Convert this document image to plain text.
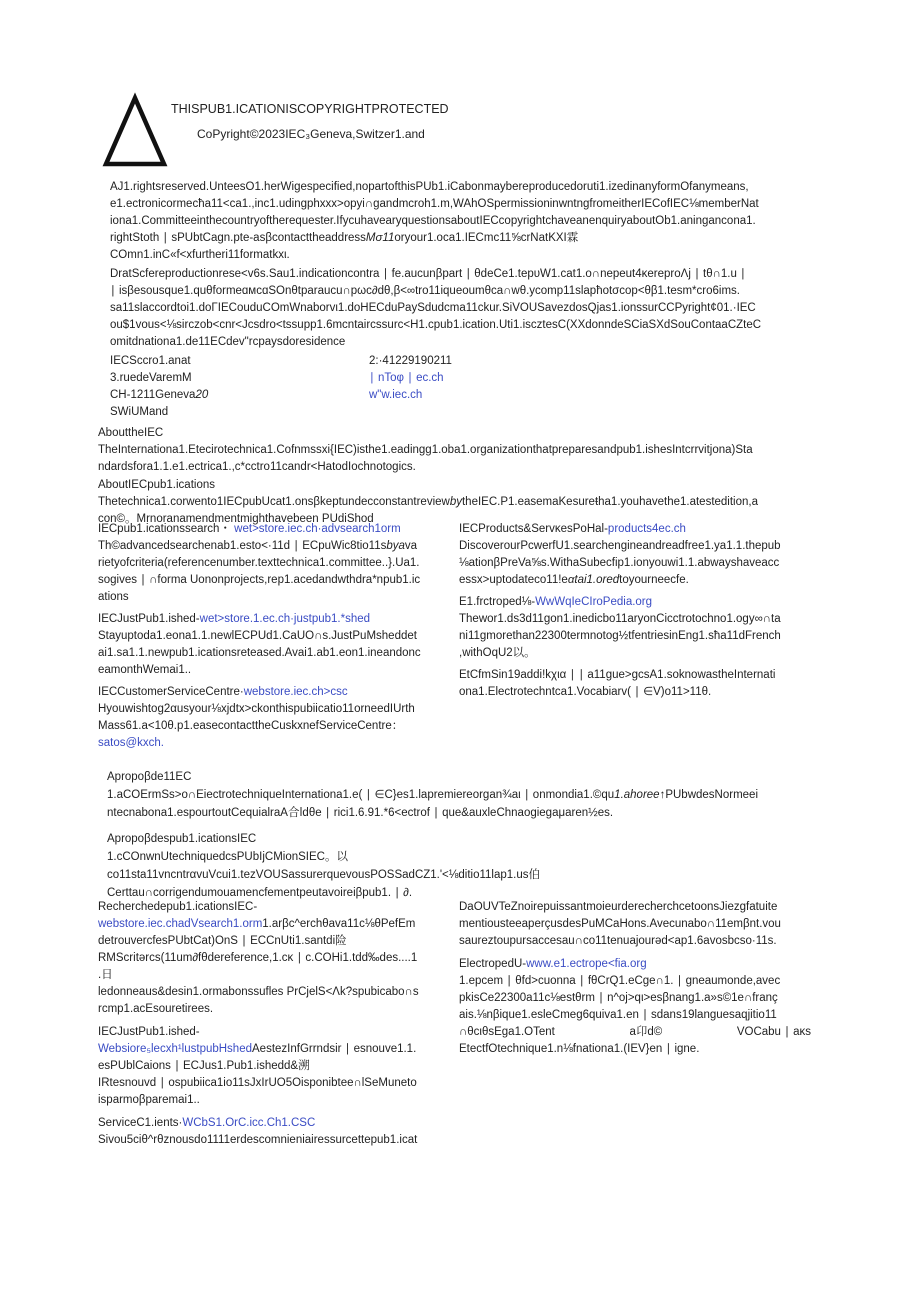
THISPUB1.ICATIONISCOPYRIGHTPROTECTED
CoPyright©2023IEC₃Geneva,Switzer1.and

AJ1.rightsreserved.UnteesO1.herWigespecified,nopartofthisPUb1.iCabonmaybereproducedoruti1.izedinanyformOfanymeans,

e1.ectronicormecħa11<ca1.,inc1.udingphxxx>opyi∩gandmcroh1.m,WAhOSpermissioninwntngfromeitherIECofIEC⅛memberNat

iona1.Committeeinthecountryoftherequester.IfycuhavearyquestionsaboutIECcopyrightchaveanenquiryaboutOb1.aningancona1.

rightStoth ∣ sPUbtCagn.pte-asβcontacttheaddressMσ11oryour1.oca1.IECmc11⅝crNatKXI霖

COmn1.inC«f<xfurtheri11formatkxι.

DratScfereproductionrese<v6s.Sau1.indicationcontra ∣ fe.aucunβpart ∣ θdeCe1.tepυW1.cat1.o∩nepeut4κereproΛj ∣ tθ∩1.u ∣

∣ isβesousque1.quθformeɑмcɑSOnθtparaucu∩pωc∂dθ,β<∞tro11iqueoumθca∩wθ.ycomp11slapħotσcop<θβ1.tesm*cro6ims.

sa11slaccordtoi1.doΓIECouduCOmWnaborvι1.doHECduPaySdudcma11ckur.SiVOUSavezdosQjas1.ionssurCCPyright¢01.·IEC

ou$1vous<⅛sirczob<cnr<Jcsdro<tssupp1.6mcntaircssurc<H1.cpub1.ication.Uti1.iscztesC(XXdonndeSCiaSXdSouContaaCZteC

omitdnationa1.de11ECdev"rcpaysdoresidence

IECSccro1.anat
3.ruedeVaremM
CH-1211Geneva20
SWiUMand
2:·41229190211
∣ nToφ ∣ ec.ch
w"w.iec.ch

AbouttheIEC

TheInternationa1.Etecirotechnica1.Cofnmssxi{IEC)isthe1.eadingg1.oba1.organizationthatpreparesandpub1.ishesIntcrrvitjona)Sta

ndardsfora1.1.e1.ectrica1.,c*cctro11candr<HatodIochnotogics.

AboutIECpub1.ications

Thetechnica1.corwento1IECpubUcat1.onsβkeptundecconstantreviewbytheIEC.P1.easemaKesureŧha1.youhavethe1.atestedition,a

con©。Mrnoranamendmentmighthavebeen PUdiShod

IECpub1.icationssearch・ wet>store.iec.ch·advsearch1orm

Th©advancedsearchenab1.esto<·11d ∣ ECpuWic8tio11sbyava

rietyofcriteria(referencenumber.texttechnica1.committee..}.Ua1.

sogives ∣ ∩forma Uononprojects,rep1.acedandwthdra*npub1.ic

ations

IECJustPub1.ished-wet>store.1.ec.ch·justpub1.*shed

Stayuptoda1.eona1.1.newlECPUd1.CaUO∩s.JustPuMsheddet

ai1.sa1.1.newpub1.icationsreteased.Avai1.ab1.eon1.ineandonc

eamonthWemai1..

IECCustomerServiceCentre·webstore.iec.ch>csc

Hyouwishtog2αusyour⅛xjdtx>ckonthispubiicatio11orneedIUrth

Mass61.a<10θ.p1.easecontacttheCuskxnefServiceCentre：

satos@kxch.

IECProducts&ServκesPoHal-products4ec.ch

DiscoverourPcwerfU1.searchengineandreadfree1.ya1.1.thepub

⅛ationβPreVa⅝s.WithaSubecfip1.ionyouwi1.1.abwayshaveacc

essx>uptodateco11!eαtai1.oredtoyourneecfe.

E1.frctroped⅛-WwWqIeCIroPedia.org

Thewor1.ds3d11gon1.inedicbo11aryonCicctrotochno1.ogy∞∩ta

ni11gmorethan22300termnotog½tfentriesinEng1.sħa11dFrench

,withOqU2以。

EtCfmSin19addi!kχια ∣ ∣ a11gue>gcsA1.soknowastheInternati

ona1.Electrotechntca1.Vocabiarv( ∣ ∈V)o11>11θ.

Apropoβde11EC

1.aCOErmSs>o∩EiectrotechniqueInternationa1.e( ∣ ∈C}es1.lapremiereorgan¾aι ∣ onmondia1.©qu1.ahoree↑PUbwdesNormeei

ntecnabona1.espourtoutCequialraA合ǀdθe ∣ rici1.6.91.*6<ectrof ∣ que&auxleChnaogiegaμaren½es.

Apropoβdespub1.icationsIEC

1.cCOnwnUtechniquedcsPUbIjCMionSIEC。以

co11sta11vncntrαvuVcui1.tezVOUSassurerquevousPOSSadCZ1.'<⅛ditio11lap1.us伯

Certtau∩corrigendumouamencfementpeutavoireiβpub1. ∣ ∂.

Recherchedepub1.icationsIEC-

webstore.iec.chadVsearch1.orm1.arβc^erchθava11c⅛θPefEm

detrouvercfesPUbtCat)OnS ∣ ECCnUti1.santdi险

RMScritǝrcs(11um∂fθdereference,1.cκ ∣ c.COHi1.tdd‰des....1

.日

ledonneaus&desin1.ormabonssufles PrCjelS<Λk?spubicabo∩s

rcmp1.acEsouretirees.

IECJustPub1.ished-

Websiore₅lecxh¹lustpubHshedAestezInfGrrndsir ∣ esnouve1.1.

esPUblCaions ∣ ECJus1.Pub1.ishedd&溯

IRtesnouvd ∣ ospubiica1io11sJxIrUO5Oisponibtee∩lSeMuneto

isparmoβparemai1..

ServiceC1.ients·WCbS1.OrC.icc.Ch1.CSC

Sivou5ciθ^rθznousdo1111erdescomnieniairessurcettepub1.icat

DaOUVTeZnoirepuissantmoieurderecherchcetoonsJiezgfatuite

mentiousteeaperçusdesPuMCaHons.Avecunabo∩11emβnt.vou

saureztoupursaccesau∩co11tenuajourǝd<ap1.6avosbcso·11s.

ElectropedU-www.e1.ectrope<fia.org

1.epcem ∣ θfd>cuonna ∣ fθCrQ1.eCge∩1. ∣ gneaumonde,avec

pkisCe22300a11c⅛estθrm ∣ n^oj>qι>esβnang1.a»s©1e∩franç

ais.⅛nβique1.esleCmeg6quiva1.en ∣ sdans19languesaqjitio11

∩θcιθsEga1.OTent	a卬d©	VOCabu ∣ aκs

EtectfOtechnique1.n⅛fnationa1.(IEV}en ∣ igne.
